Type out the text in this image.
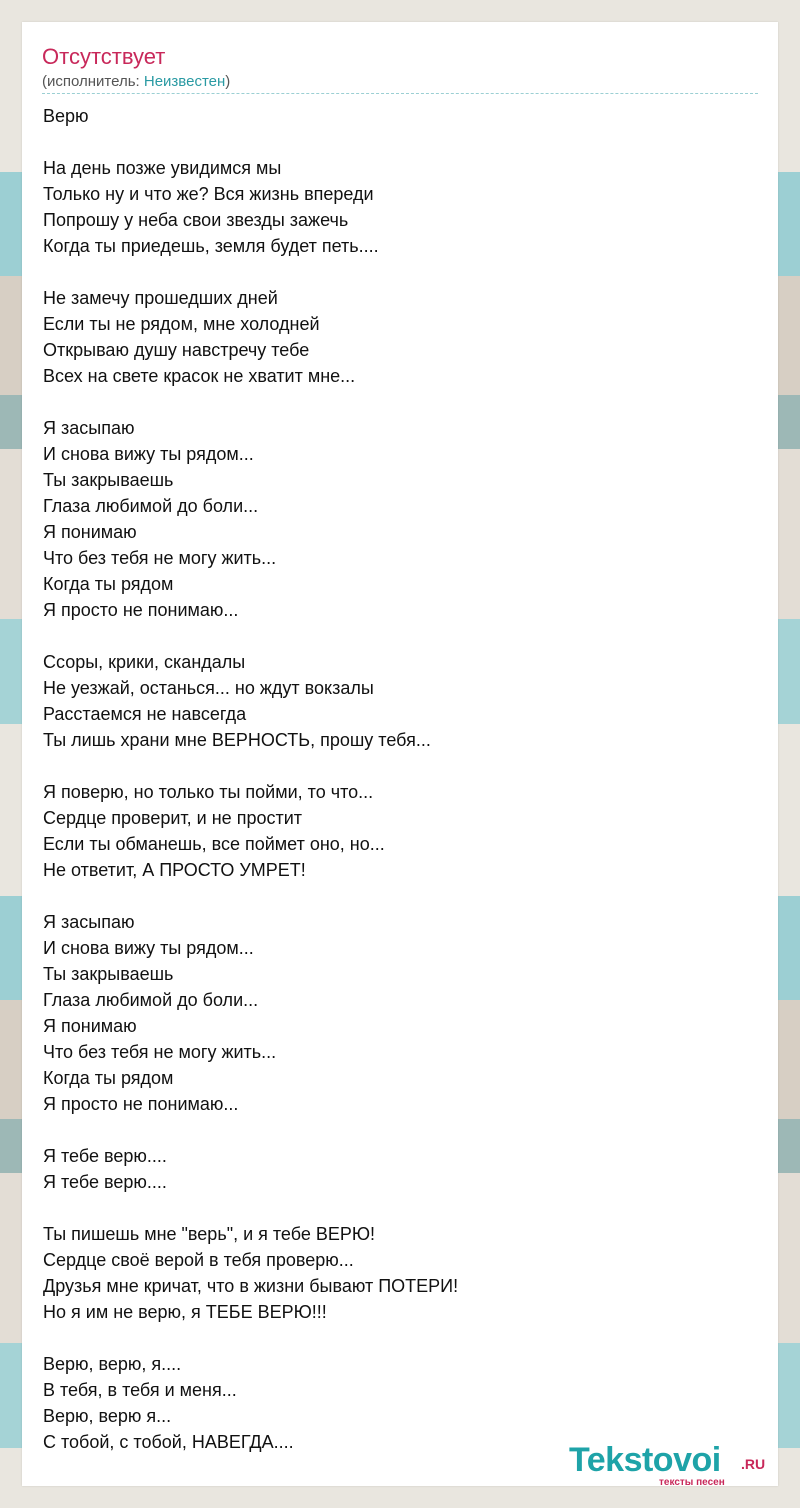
Отсутствует
(исполнитель: Неизвестен)
Верю
На день позже увидимся мы
Только ну и что же? Вся жизнь впереди
Попрошу у неба свои звезды зажечь
Когда ты приедешь, земля будет петь....
Не замечу прошедших дней
Если ты не рядом, мне холодней
Открываю душу навстречу тебе
Всех на свете красок не хватит мне...
Я засыпаю
И снова вижу ты рядом...
Ты закрываешь
Глаза любимой до боли...
Я понимаю
Что без тебя не могу жить...
Когда ты рядом
Я просто не понимаю...
Ссоры, крики, скандалы
Не уезжай, останься... но ждут вокзалы
Расстаемся не навсегда
Ты лишь храни мне ВЕРНОСТЬ, прошу тебя...
Я поверю, но только ты пойми, то что...
Сердце проверит, и не простит
Если ты обманешь, все поймет оно, но...
Не ответит, А ПРОСТО УМРЕТ!
Я засыпаю
И снова вижу ты рядом...
Ты закрываешь
Глаза любимой до боли...
Я понимаю
Что без тебя не могу жить...
Когда ты рядом
Я просто не понимаю...
Я тебе верю....
Я тебе верю....
Ты пишешь мне "верь", и я тебе ВЕРЮ!
Сердце своё верой в тебя проверю...
Друзья мне кричат, что в жизни бывают ПОТЕРИ!
Но я им не верю, я ТЕБЕ ВЕРЮ!!!
Верю, верю, я....
В тебя, в тебя и меня...
Верю, верю я...
С тобой, с тобой, НАВЕГДА....	Tekstovoi .RU
тексты песен
